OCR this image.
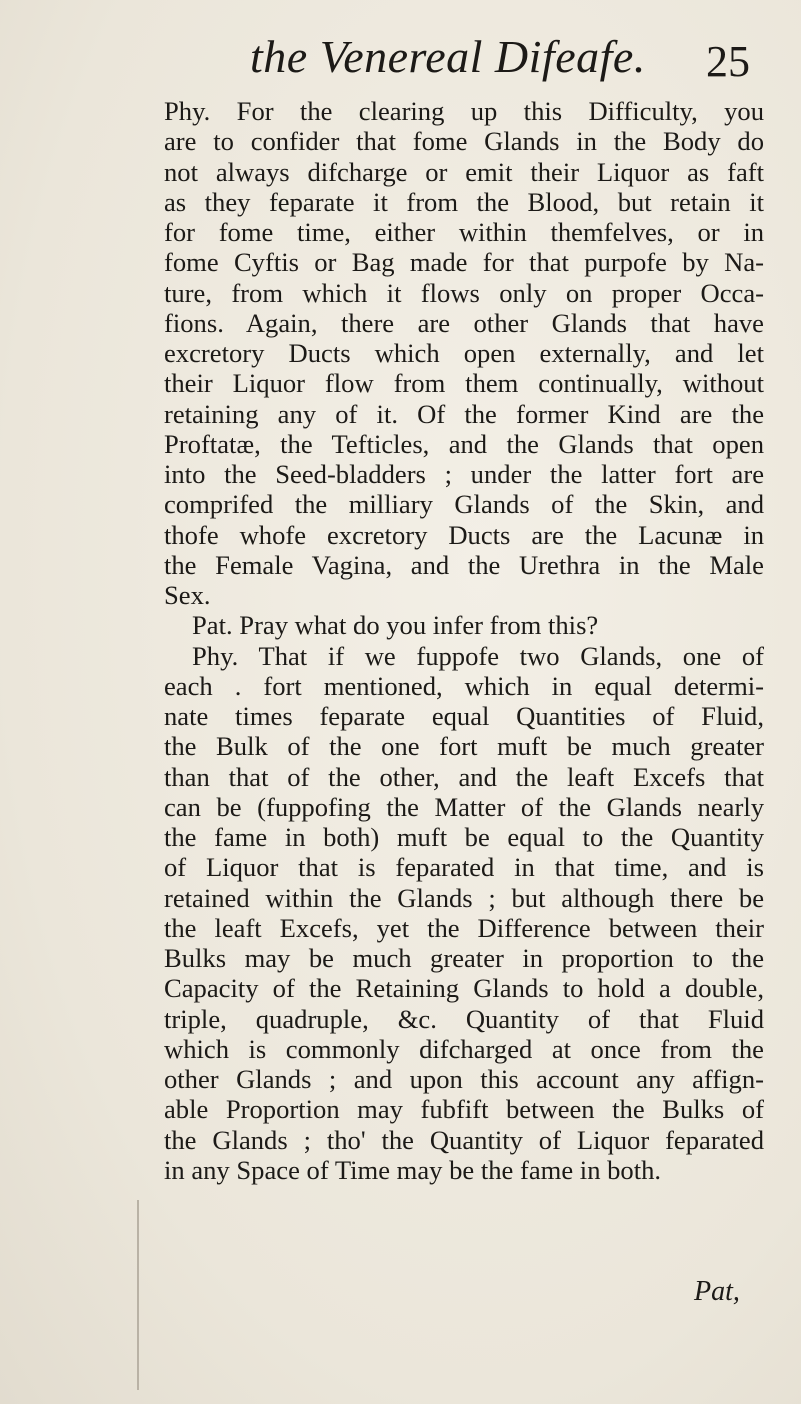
the Venereal Difeafe. 25
Phy. For the clearing up this Difficulty, you
are to confider that fome Glands in the Body do
not always difcharge or emit their Liquor as faft
as they feparate it from the Blood, but retain it
for fome time, either within themfelves, or in
fome Cyftis or Bag made for that purpofe by Na-
ture, from which it flows only on proper Occa-
fions. Again, there are other Glands that have
excretory Ducts which open externally, and let
their Liquor flow from them continually, without
retaining any of it. Of the former Kind are the
Proftatæ, the Tefticles, and the Glands that open
into the Seed-bladders ; under the latter fort are
comprifed the milliary Glands of the Skin, and
thofe whofe excretory Ducts are the Lacunæ in
the Female Vagina, and the Urethra in the Male
Sex.
Pat. Pray what do you infer from this?
Phy. That if we fuppofe two Glands, one of
each . fort mentioned, which in equal determi-
nate times feparate equal Quantities of Fluid,
the Bulk of the one fort muft be much greater
than that of the other, and the leaft Excefs that
can be (fuppofing the Matter of the Glands nearly
the fame in both) muft be equal to the Quantity
of Liquor that is feparated in that time, and is
retained within the Glands ; but although there be
the leaft Excefs, yet the Difference between their
Bulks may be much greater in proportion to the
Capacity of the Retaining Glands to hold a double,
triple, quadruple, &c. Quantity of that Fluid
which is commonly difcharged at once from the
other Glands ; and upon this account any affign-
able Proportion may fubfift between the Bulks of
the Glands ; tho' the Quantity of Liquor feparated
in any Space of Time may be the fame in both.
Pat,
